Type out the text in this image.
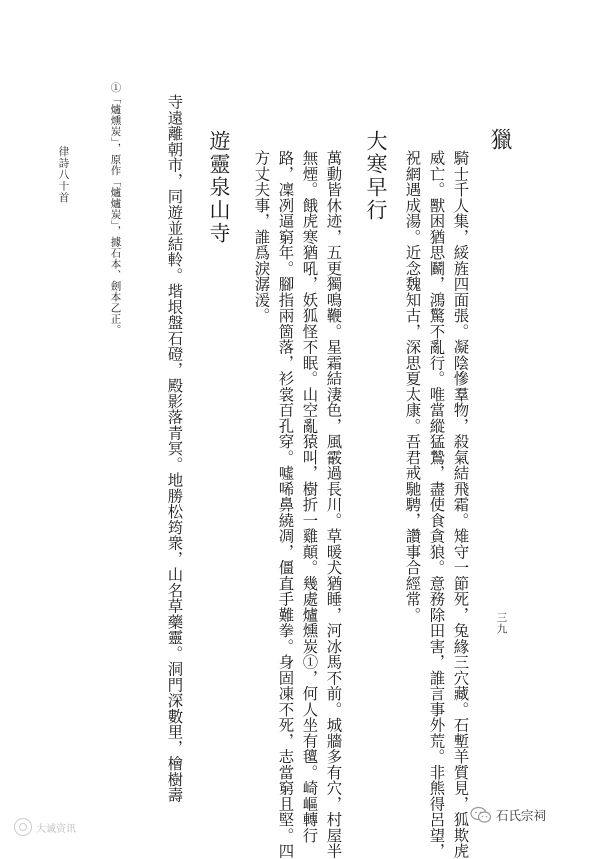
獵
騎士千人集，綏旌四面張。凝陰慘羣物，殺氣結飛霜。雉守一節死，兔緣三穴藏。石塹羊質見，狐欺虎
威亡。獸困猶思鬬，鴻驚不亂行。唯當縱猛鷙，盡使食貪狼。意務除田害，誰言事外荒。非熊得呂望，
祝網遇成湯。近念魏知古，深思夏太康。吾君戒馳騁，讚事合經常。
大寒早行
萬動皆休迹，五更獨鳴鞭。星霜結淒色，風霰過長川。草暖犬猶睡，河冰馬不前。城牆多有穴，村屋半
無煙。餓虎寒猶吼，妖狐怪不眠。山空亂猿叫，樹折一雞顛。幾處爐燻炭①，何人坐有氊。崎嶇轉行
路，凜冽逼窮年。腳指兩箇落，衫裳百孔穿。噓唏鼻繞凋，僵直手難拳。身固凍不死，志當窮且堅。四
方丈夫事，誰爲淚潺湲。
遊靈泉山寺
寺遠離朝市，同遊並結軨。堦垠盤石磴，殿影落青冥。地勝松筠衆，山名草藥靈。洞門深數里，檜樹壽
①「爐燻炭」，原作「爐爐炭」，據石本、劍本乙正。
律詩八十首
三九
大诚资讯
石氏宗祠
